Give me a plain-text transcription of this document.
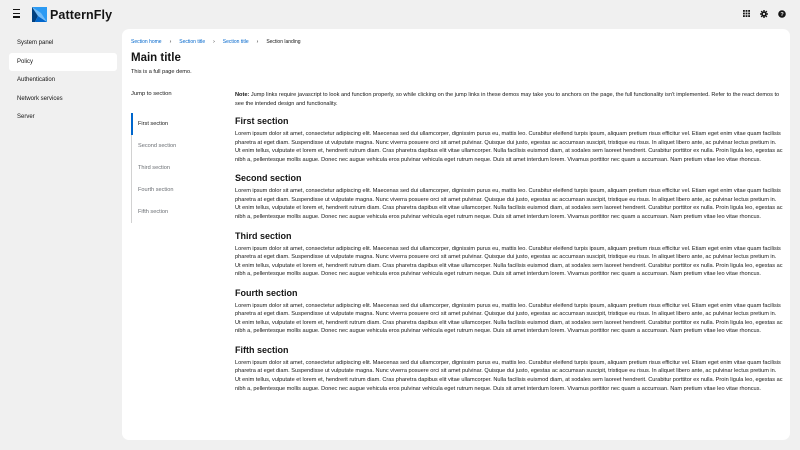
PatternFly	?
System panel
Policy
Authentication
Network services
Server
Section home › Section title › Section title › Section landing
Main title
This is a full page demo.
Jump to section
First section
Second section
Third section
Fourth section
Fifth section
Note: Jump links require javascript to look and function properly, so while clicking on the jump links in these demos may take you to anchors on the page, the full functionality isn't implemented. Refer to the react demos to see the intended design and functionality.
First section

Lorem ipsum dolor sit amet, consectetur adipiscing elit. Maecenas sed dui ullamcorper, dignissim purus eu, mattis leo. Curabitur eleifend turpis ipsum, aliquam pretium risus efficitur vel. Etiam eget enim vitae quam facilisis pharetra at eget diam. Suspendisse ut vulputate magna. Nunc viverra posuere orci sit amet pulvinar. Quisque dui justo, egestas ac accumsan suscipit, tristique eu risus. In aliquet libero ante, ac pulvinar lectus pretium in. Ut enim tellus, vulputate et lorem et, hendrerit rutrum diam. Cras pharetra dapibus elit vitae ullamcorper. Nulla facilisis euismod diam, at sodales sem laoreet hendrerit. Curabitur porttitor ex nulla. Proin ligula leo, egestas ac nibh a, pellentesque mollis augue. Donec nec augue vehicula eros pulvinar vehicula eget rutrum neque. Duis sit amet interdum lorem. Vivamus porttitor nec quam a accumsan. Nam pretium vitae leo vitae rhoncus.

Second section

Lorem ipsum dolor sit amet, consectetur adipiscing elit. Maecenas sed dui ullamcorper, dignissim purus eu, mattis leo. Curabitur eleifend turpis ipsum, aliquam pretium risus efficitur vel. Etiam eget enim vitae quam facilisis pharetra at eget diam. Suspendisse ut vulputate magna. Nunc viverra posuere orci sit amet pulvinar. Quisque dui justo, egestas ac accumsan suscipit, tristique eu risus. In aliquet libero ante, ac pulvinar lectus pretium in. Ut enim tellus, vulputate et lorem et, hendrerit rutrum diam. Cras pharetra dapibus elit vitae ullamcorper. Nulla facilisis euismod diam, at sodales sem laoreet hendrerit. Curabitur porttitor ex nulla. Proin ligula leo, egestas ac nibh a, pellentesque mollis augue. Donec nec augue vehicula eros pulvinar vehicula eget rutrum neque. Duis sit amet interdum lorem. Vivamus porttitor nec quam a accumsan. Nam pretium vitae leo vitae rhoncus.

Third section

Lorem ipsum dolor sit amet, consectetur adipiscing elit. Maecenas sed dui ullamcorper, dignissim purus eu, mattis leo. Curabitur eleifend turpis ipsum, aliquam pretium risus efficitur vel. Etiam eget enim vitae quam facilisis pharetra at eget diam. Suspendisse ut vulputate magna. Nunc viverra posuere orci sit amet pulvinar. Quisque dui justo, egestas ac accumsan suscipit, tristique eu risus. In aliquet libero ante, ac pulvinar lectus pretium in. Ut enim tellus, vulputate et lorem et, hendrerit rutrum diam. Cras pharetra dapibus elit vitae ullamcorper. Nulla facilisis euismod diam, at sodales sem laoreet hendrerit. Curabitur porttitor ex nulla. Proin ligula leo, egestas ac nibh a, pellentesque mollis augue. Donec nec augue vehicula eros pulvinar vehicula eget rutrum neque. Duis sit amet interdum lorem. Vivamus porttitor nec quam a accumsan. Nam pretium vitae leo vitae rhoncus.

Fourth section

Lorem ipsum dolor sit amet, consectetur adipiscing elit. Maecenas sed dui ullamcorper, dignissim purus eu, mattis leo. Curabitur eleifend turpis ipsum, aliquam pretium risus efficitur vel. Etiam eget enim vitae quam facilisis pharetra at eget diam. Suspendisse ut vulputate magna. Nunc viverra posuere orci sit amet pulvinar. Quisque dui justo, egestas ac accumsan suscipit, tristique eu risus. In aliquet libero ante, ac pulvinar lectus pretium in. Ut enim tellus, vulputate et lorem et, hendrerit rutrum diam. Cras pharetra dapibus elit vitae ullamcorper. Nulla facilisis euismod diam, at sodales sem laoreet hendrerit. Curabitur porttitor ex nulla. Proin ligula leo, egestas ac nibh a, pellentesque mollis augue. Donec nec augue vehicula eros pulvinar vehicula eget rutrum neque. Duis sit amet interdum lorem. Vivamus porttitor nec quam a accumsan. Nam pretium vitae leo vitae rhoncus.

Fifth section

Lorem ipsum dolor sit amet, consectetur adipiscing elit. Maecenas sed dui ullamcorper, dignissim purus eu, mattis leo. Curabitur eleifend turpis ipsum, aliquam pretium risus efficitur vel. Etiam eget enim vitae quam facilisis pharetra at eget diam. Suspendisse ut vulputate magna. Nunc viverra posuere orci sit amet pulvinar. Quisque dui justo, egestas ac accumsan suscipit, tristique eu risus. In aliquet libero ante, ac pulvinar lectus pretium in. Ut enim tellus, vulputate et lorem et, hendrerit rutrum diam. Cras pharetra dapibus elit vitae ullamcorper. Nulla facilisis euismod diam, at sodales sem laoreet hendrerit. Curabitur porttitor ex nulla. Proin ligula leo, egestas ac nibh a, pellentesque mollis augue. Donec nec augue vehicula eros pulvinar vehicula eget rutrum neque. Duis sit amet interdum lorem. Vivamus porttitor nec quam a accumsan. Nam pretium vitae leo vitae rhoncus.
